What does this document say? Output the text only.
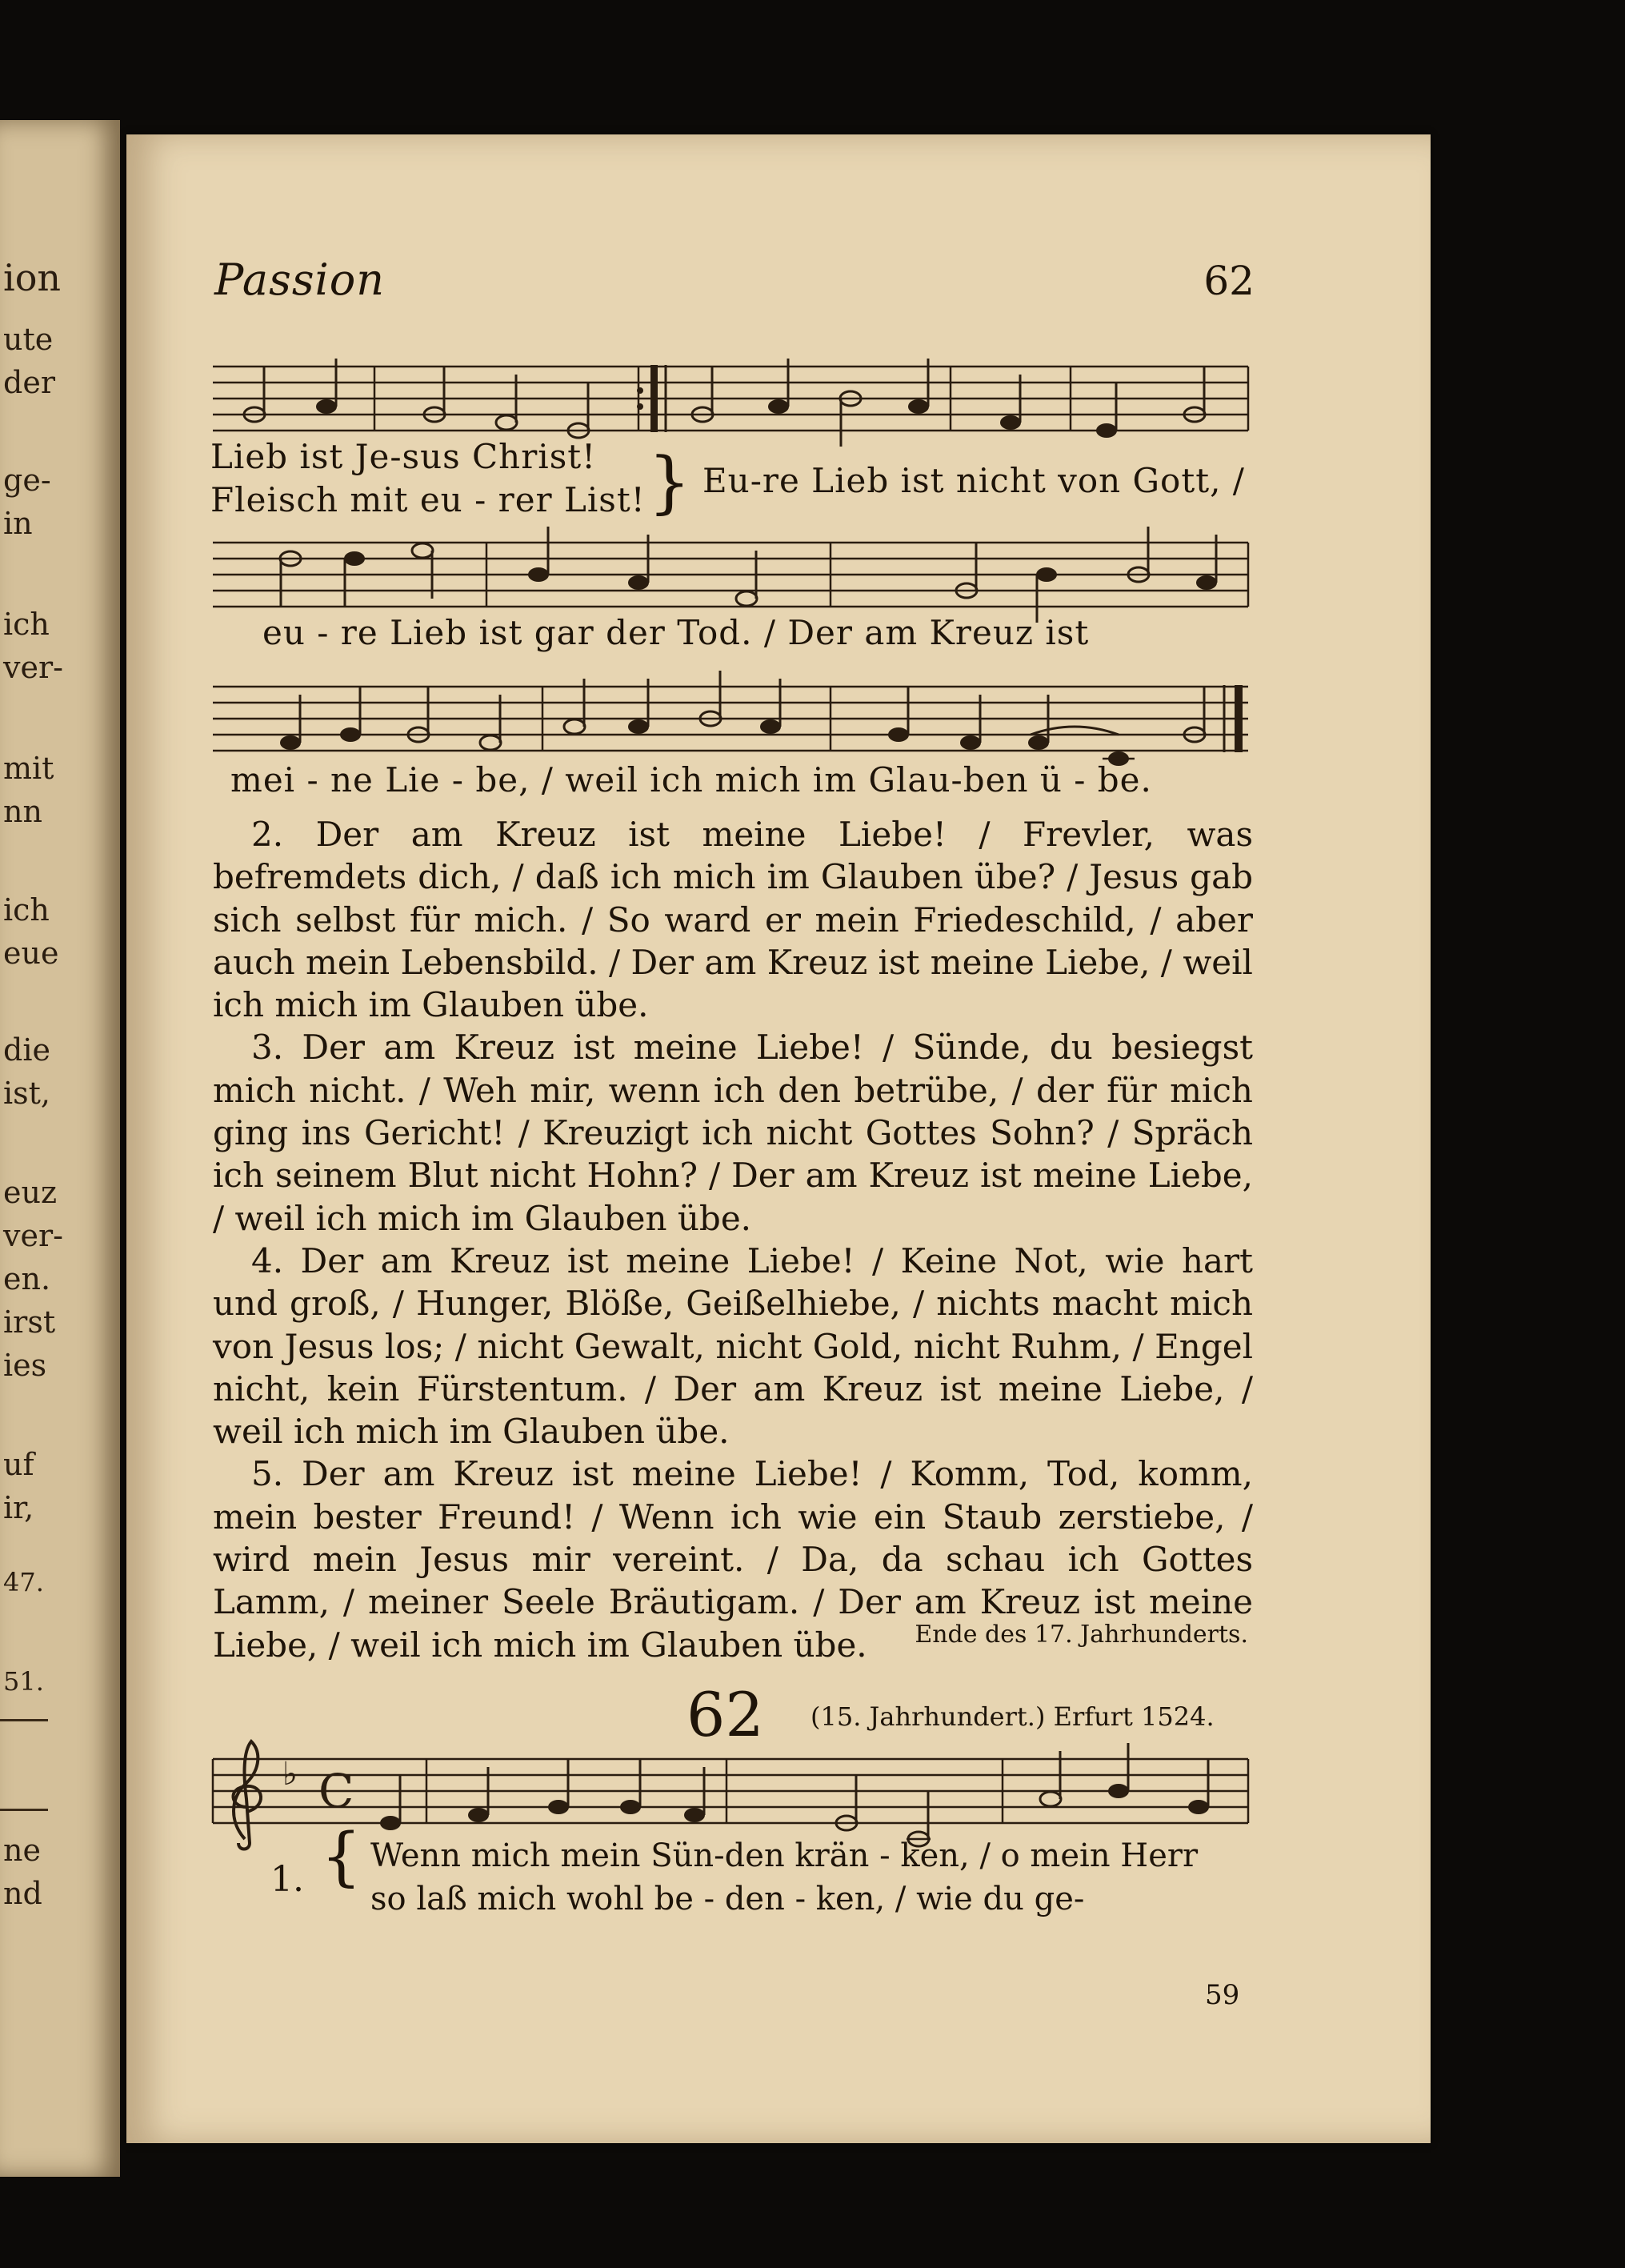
ion
ute
der
ge-
in
ich
ver-
mit
nn
ich
eue
die
ist,
euz
ver-
en.
irst
ies
uf
ir,
47.
51.
ne
nd
Passion	62
Lieb ist Je-sus Christ!
Fleisch mit eu - rer List! } Eu-re Lieb ist nicht von Gott, /
eu - re Lieb ist gar der Tod. / Der am Kreuz ist
mei - ne Lie - be, / weil ich mich im Glau-ben ü - be.

2. Der am Kreuz ist meine Liebe! / Frevler, was befremdets dich, / daß ich mich im Glauben übe? / Jesus gab sich selbst für mich. / So ward er mein Friedeschild, / aber auch mein Lebensbild. / Der am Kreuz ist meine Liebe, / weil ich mich im Glauben übe.

3. Der am Kreuz ist meine Liebe! / Sünde, du besiegst mich nicht. / Weh mir, wenn ich den betrübe, / der für mich ging ins Gericht! / Kreuzigt ich nicht Gottes Sohn? / Spräch ich seinem Blut nicht Hohn? / Der am Kreuz ist meine Liebe, / weil ich mich im Glauben übe.

4. Der am Kreuz ist meine Liebe! / Keine Not, wie hart und groß, / Hunger, Blöße, Geißelhiebe, / nichts macht mich von Jesus los; / nicht Gewalt, nicht Gold, nicht Ruhm, / Engel nicht, kein Fürstentum. / Der am Kreuz ist meine Liebe, / weil ich mich im Glauben übe.

5. Der am Kreuz ist meine Liebe! / Komm, Tod, komm, mein bester Freund! / Wenn ich wie ein Staub zerstiebe, / wird mein Jesus mir vereint. / Da, da schau ich Gottes Lamm, / meiner Seele Bräutigam. / Der am Kreuz ist meine Liebe, / weil ich mich im Glauben übe.	Ende des 17. Jahrhunderts.
62 (15. Jahrhundert.) Erfurt 1524.
♭ C
1. { Wenn mich mein Sün-den krän - ken, / o mein Herr
so laß mich wohl be - den - ken, / wie du ge-
59
